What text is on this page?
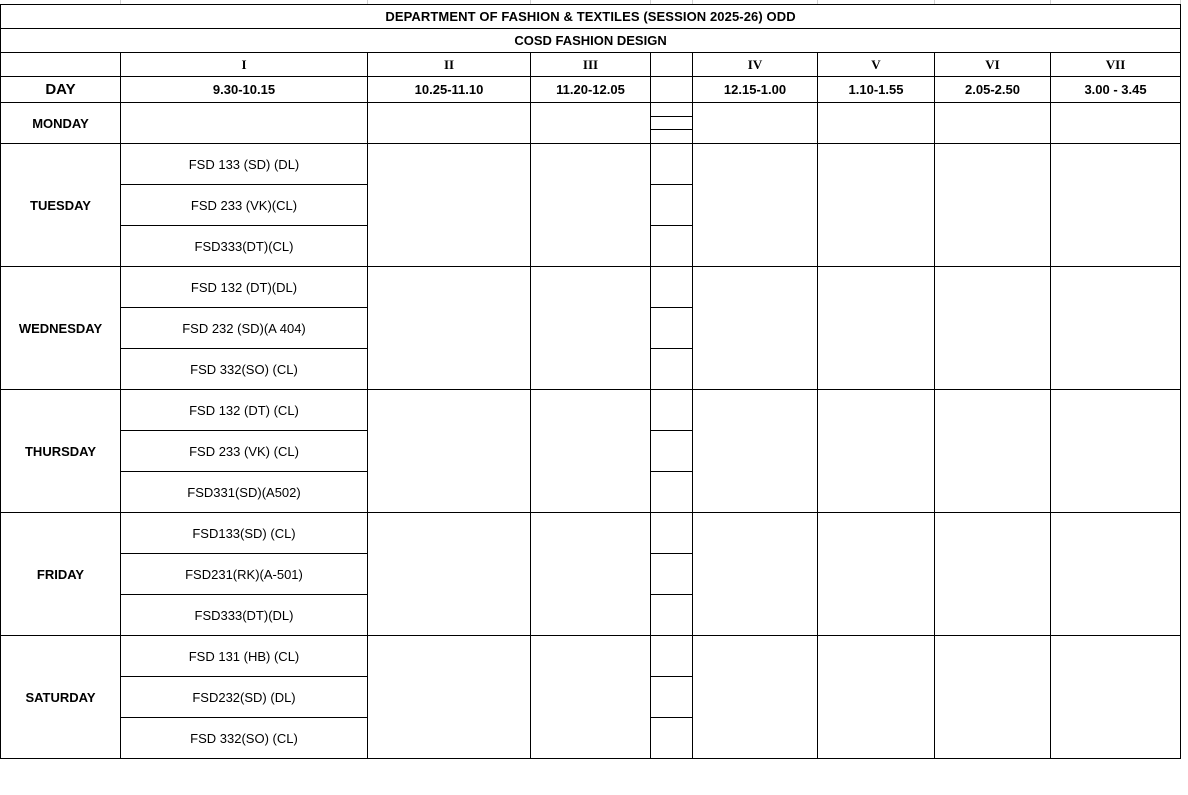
DEPARTMENT OF FASHION & TEXTILES (SESSION 2025-26) ODD								
COSD FASHION DESIGN								
	I	II	III		IV	V	VI	VII
DAY	9.30-10.15	10.25-11.10	11.20-12.05		12.15-1.00	1.10-1.55	2.05-2.50	3.00 - 3.45
MONDAY								

TUESDAY	FSD 133 (SD) (DL)							
	FSD 233 (VK)(CL)							
	FSD333(DT)(CL)							
WEDNESDAY	FSD 132 (DT)(DL)							
	FSD 232 (SD)(A 404)							
	FSD 332(SO) (CL)							
THURSDAY	FSD 132 (DT) (CL)							
	FSD 233 (VK) (CL)							
	FSD331(SD)(A502)							
FRIDAY	FSD133(SD) (CL)							
	FSD231(RK)(A-501)							
	FSD333(DT)(DL)							
SATURDAY	FSD 131 (HB) (CL)							
	FSD232(SD) (DL)							
	FSD 332(SO) (CL)							
